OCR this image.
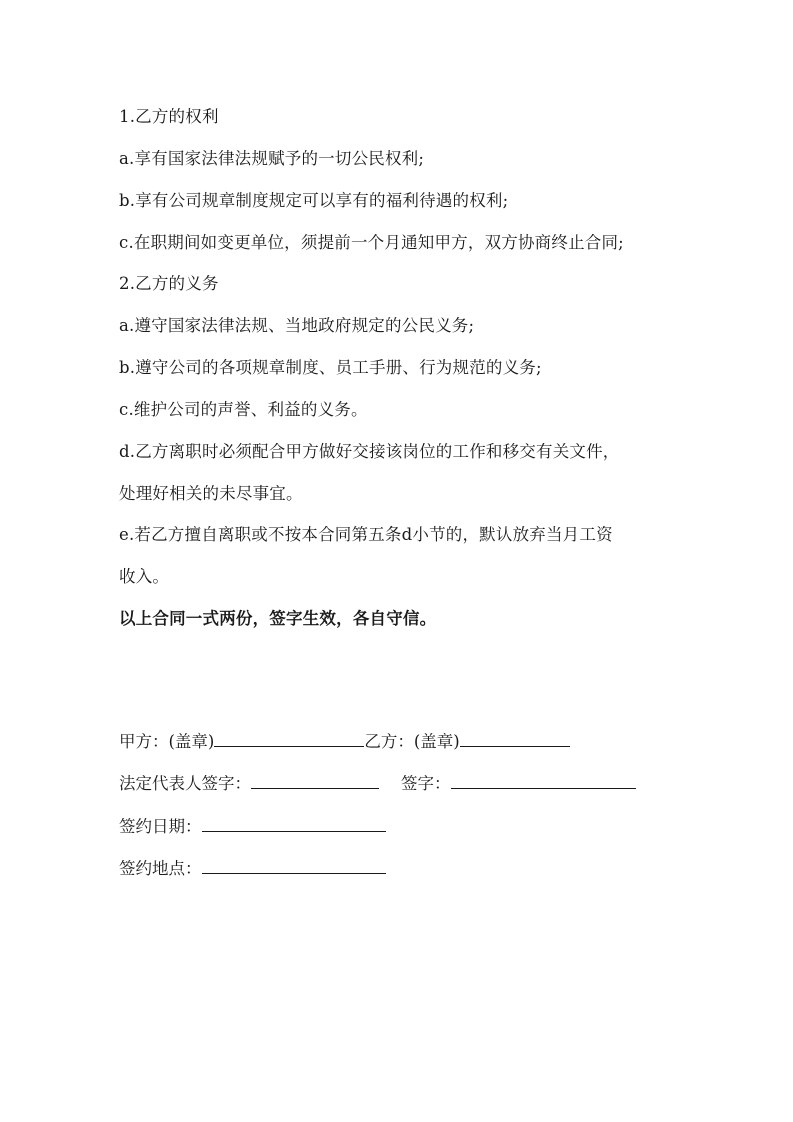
1.乙方的权利
a.享有国家法律法规赋予的一切公民权利;
b.享有公司规章制度规定可以享有的福利待遇的权利;
c.在职期间如变更单位，须提前一个月通知甲方，双方协商终止合同;
2.乙方的义务
a.遵守国家法律法规、当地政府规定的公民义务;
b.遵守公司的各项规章制度、员工手册、行为规范的义务;
c.维护公司的声誉、利益的义务。
d.乙方离职时必须配合甲方做好交接该岗位的工作和移交有关文件，
处理好相关的未尽事宜。
e.若乙方擅自离职或不按本合同第五条d小节的，默认放弃当月工资
收入。
以上合同一式两份，签字生效，各自守信。
甲方：(盖章)	乙方：(盖章)
法定代表人签字：	签字：
签约日期：
签约地点：
